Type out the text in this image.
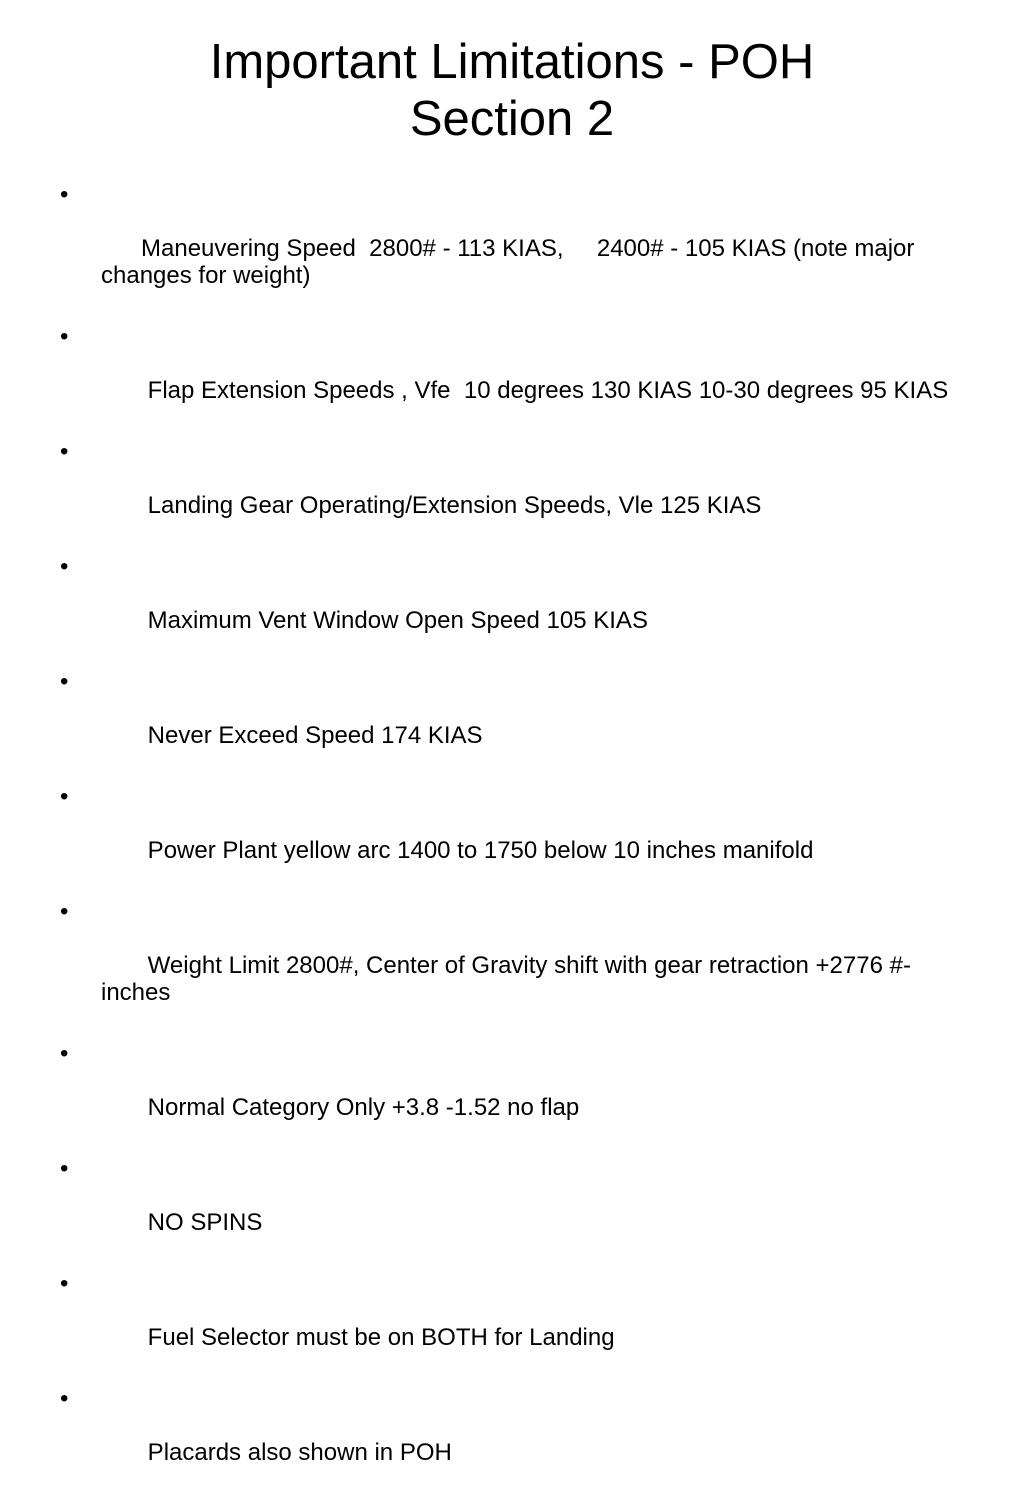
Important Limitations - POH
Section 2

•

Maneuvering Speed  2800# - 113 KIAS,     2400# - 105 KIAS (note major changes for weight)

•

Flap Extension Speeds , Vfe  10 degrees 130 KIAS 10-30 degrees 95 KIAS

•

Landing Gear Operating/Extension Speeds, Vle 125 KIAS

•

Maximum Vent Window Open Speed 105 KIAS

•

Never Exceed Speed 174 KIAS

•

Power Plant yellow arc 1400 to 1750 below 10 inches manifold

•

Weight Limit 2800#, Center of Gravity shift with gear retraction +2776 #-inches

•

Normal Category Only +3.8 -1.52 no flap

•

NO SPINS

•

Fuel Selector must be on BOTH for Landing

•

Placards also shown in POH
